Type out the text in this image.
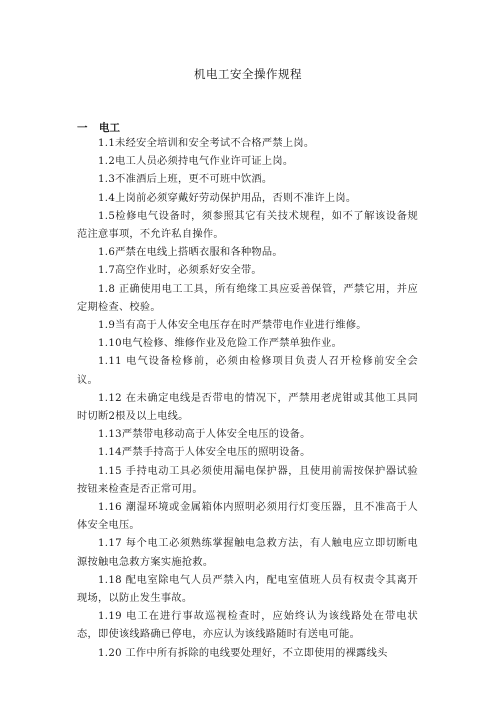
机电工安全操作规程
一 电工

1.1未经安全培训和安全考试不合格严禁上岗。

1.2电工人员必须持电气作业许可证上岗。

1.3不准酒后上班，更不可班中饮酒。

1.4上岗前必须穿戴好劳动保护用品，否则不准许上岗。

1.5检修电气设备时，须参照其它有关技术规程，如不了解该设备规范注意事项，不允许私自操作。

1.6严禁在电线上搭晒衣服和各种物品。

1.7高空作业时，必须系好安全带。

1.8 正确使用电工工具，所有绝缘工具应妥善保管，严禁它用，并应定期检查、校验。

1.9当有高于人体安全电压存在时严禁带电作业进行维修。

1.10电气检修、维修作业及危险工作严禁单独作业。

1.11 电气设备检修前，必须由检修项目负责人召开检修前安全会议。

1.12 在未确定电线是否带电的情况下，严禁用老虎钳或其他工具同时切断2根及以上电线。

1.13严禁带电移动高于人体安全电压的设备。

1.14严禁手持高于人体安全电压的照明设备。

1.15 手持电动工具必须使用漏电保护器，且使用前需按保护器试验按钮来检查是否正常可用。

1.16 潮湿环境或金属箱体内照明必须用行灯变压器，且不准高于人体安全电压。

1.17 每个电工必须熟练掌握触电急救方法，有人触电应立即切断电源按触电急救方案实施抢救。

1.18 配电室除电气人员严禁入内，配电室值班人员有权责令其离开现场，以防止发生事故。

1.19 电工在进行事故巡视检查时，应始终认为该线路处在带电状态，即使该线路确已停电，亦应认为该线路随时有送电可能。

1.20 工作中所有拆除的电线要处理好，不立即使用的裸露线头
